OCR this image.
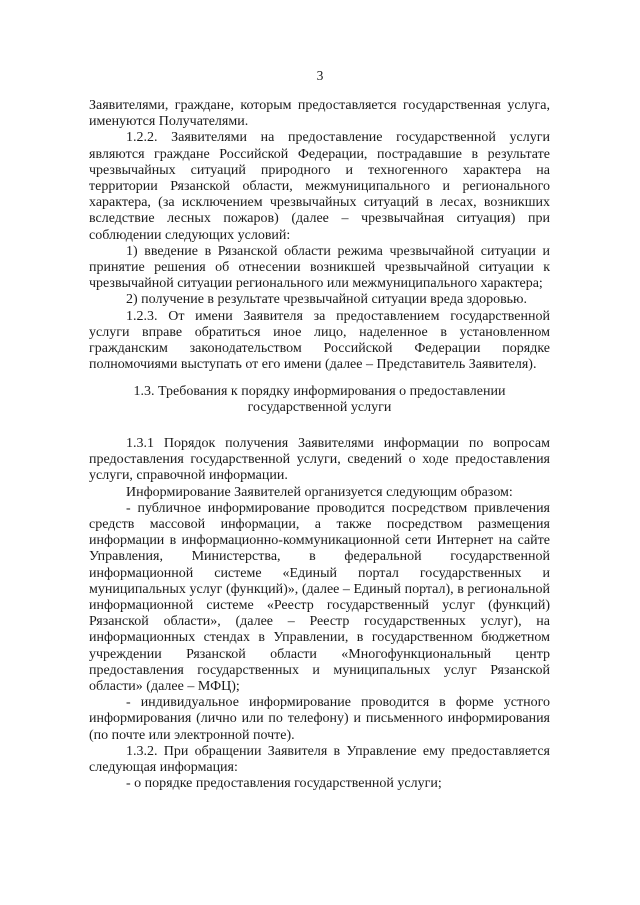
3

Заявителями, граждане, которым предоставляется государственная услуга, именуются Получателями.

1.2.2. Заявителями на предоставление государственной услуги являются граждане Российской Федерации, пострадавшие в результате чрезвычайных ситуаций природного и техногенного характера на территории Рязанской области, межмуниципального и регионального характера, (за исключением чрезвычайных ситуаций в лесах, возникших вследствие лесных пожаров) (далее – чрезвычайная ситуация) при соблюдении следующих условий:

1) введение в Рязанской области режима чрезвычайной ситуации и принятие решения об отнесении возникшей чрезвычайной ситуации к чрезвычайной ситуации регионального или межмуниципального характера;

2) получение в результате чрезвычайной ситуации вреда здоровью.

1.2.3. От имени Заявителя за предоставлением государственной услуги вправе обратиться иное лицо, наделенное в установленном гражданским законодательством Российской Федерации порядке полномочиями выступать от его имени (далее – Представитель Заявителя).

1.3. Требования к порядку информирования о предоставлении
государственной услуги

1.3.1 Порядок получения Заявителями информации по вопросам предоставления государственной услуги, сведений о ходе предоставления услуги, справочной информации.

Информирование Заявителей организуется следующим образом:

- публичное информирование проводится посредством привлечения средств массовой информации, а также посредством размещения информации в информационно-коммуникационной сети Интернет на сайте Управления, Министерства, в федеральной государственной информационной системе «Единый портал государственных и муниципальных услуг (функций)», (далее – Единый портал), в региональной информационной системе «Реестр государственный услуг (функций) Рязанской области», (далее – Реестр государственных услуг), на информационных стендах в Управлении, в государственном бюджетном учреждении Рязанской области «Многофункциональный центр предоставления государственных и муниципальных услуг Рязанской области» (далее – МФЦ);

- индивидуальное информирование проводится в форме устного информирования (лично или по телефону) и письменного информирования (по почте или электронной почте).

1.3.2. При обращении Заявителя в Управление ему предоставляется следующая информация:

- о порядке предоставления государственной услуги;
